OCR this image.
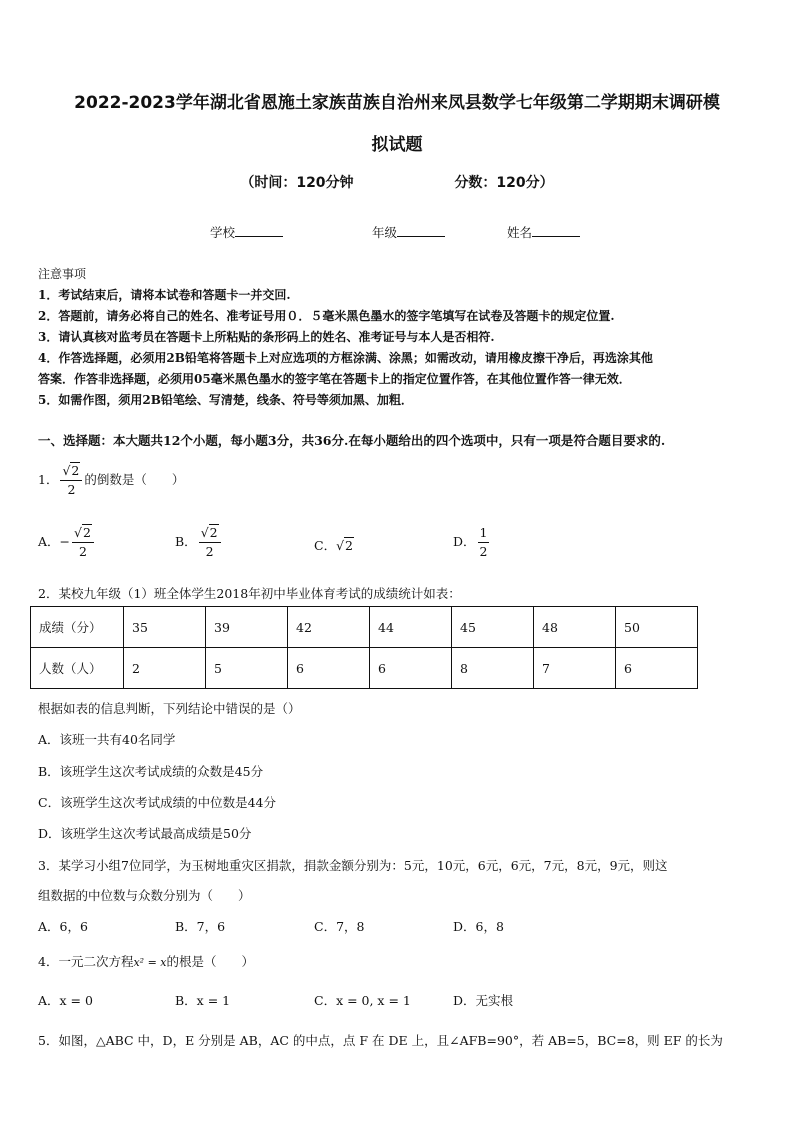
2022-2023学年湖北省恩施土家族苗族自治州来凤县数学七年级第二学期期末调研模
拟试题
（时间：120分钟	分数：120分）
学校	年级	姓名

注意事项

1．考试结束后，请将本试卷和答题卡一并交回.

2．答题前，请务必将自己的姓名、准考证号用０．５毫米黑色墨水的签字笔填写在试卷及答题卡的规定位置.

3．请认真核对监考员在答题卡上所粘贴的条形码上的姓名、准考证号与本人是否相符.

4．作答选择题，必须用2B铅笔将答题卡上对应选项的方框涂满、涂黑；如需改动，请用橡皮擦干净后，再选涂其他

答案．作答非选择题，必须用05毫米黑色墨水的签字笔在答题卡上的指定位置作答，在其他位置作答一律无效．

5．如需作图，须用2B铅笔绘、写清楚，线条、符号等须加黑、加粗．

一、选择题：本大题共12个小题，每小题3分，共36分.在每小题给出的四个选项中，只有一项是符合题目要求的.
1． $\frac{√2}{2}$ 的倒数是（　　）
A．− $\frac{√2}{2}$	B． $\frac{√2}{2}$	C．√2	D． $\frac{1}{2}$
2．某校九年级（1）班全体学生2018年初中毕业体育考试的成绩统计如表：
成绩（分）	35	39	42	44	45	48	50
人数（人）	2	5	6	6	8	7	6
根据如表的信息判断，下列结论中错误的是（）
A．该班一共有40名同学
B．该班学生这次考试成绩的众数是45分
C．该班学生这次考试成绩的中位数是44分
D．该班学生这次考试最高成绩是50分
3．某学习小组7位同学，为玉树地重灾区捐款，捐款金额分别为：5元，10元，6元，6元，7元，8元，9元，则这
组数据的中位数与众数分别为（　　）
A．6，6	B．7，6	C．7，8	D．6，8
4．一元二次方程x² = x的根是（　　）
A．x = 0	B．x = 1	C．x = 0, x = 1	D．无实根
5．如图，△ABC 中，D，E 分别是 AB，AC 的中点，点 F 在 DE 上，且∠AFB=90°，若 AB=5，BC=8，则 EF 的长为
